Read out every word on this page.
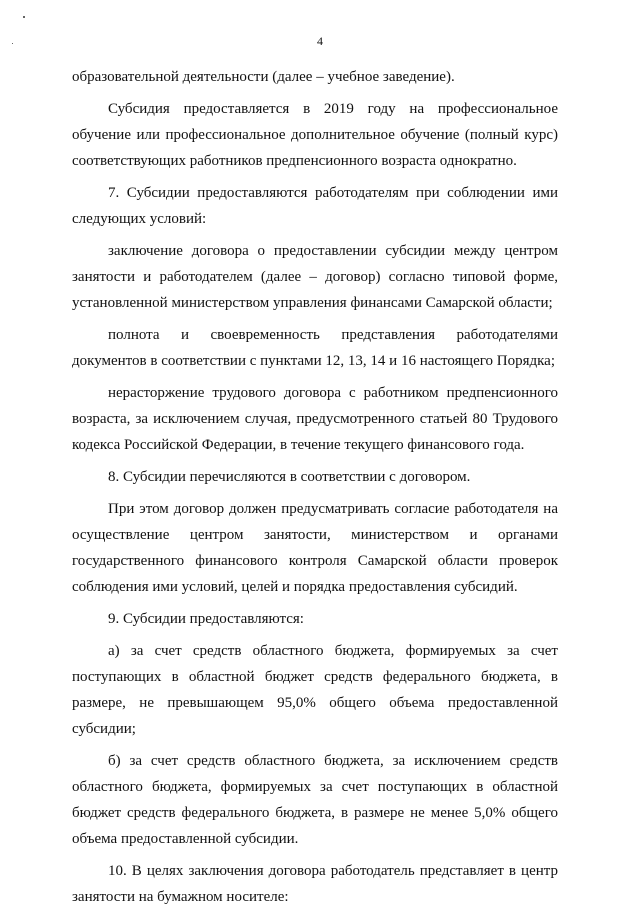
4

образовательной деятельности (далее – учебное заведение).

Субсидия предоставляется в 2019 году на профессиональное обучение или профессиональное дополнительное обучение (полный курс) соответствующих работников предпенсионного возраста однократно.

7. Субсидии предоставляются работодателям при соблюдении ими следующих условий:

заключение договора о предоставлении субсидии между центром занятости и работодателем (далее – договор) согласно типовой форме, установленной министерством управления финансами Самарской области;

полнота и своевременность представления работодателями документов в соответствии с пунктами 12, 13, 14 и 16 настоящего Порядка;

нерасторжение трудового договора с работником предпенсионного возраста, за исключением случая, предусмотренного статьей 80 Трудового кодекса Российской Федерации, в течение текущего финансового года.

8. Субсидии перечисляются в соответствии с договором.

При этом договор должен предусматривать согласие работодателя на осуществление центром занятости, министерством и органами государственного финансового контроля Самарской области проверок соблюдения ими условий, целей и порядка предоставления субсидий.

9. Субсидии предоставляются:

а) за счет средств областного бюджета, формируемых за счет поступающих в областной бюджет средств федерального бюджета, в размере, не превышающем 95,0% общего объема предоставленной субсидии;

б) за счет средств областного бюджета, за исключением средств областного бюджета, формируемых за счет поступающих в областной бюджет средств федерального бюджета, в размере не менее 5,0% общего объема предоставленной субсидии.

10. В целях заключения договора работодатель представляет в центр занятости на бумажном носителе:
